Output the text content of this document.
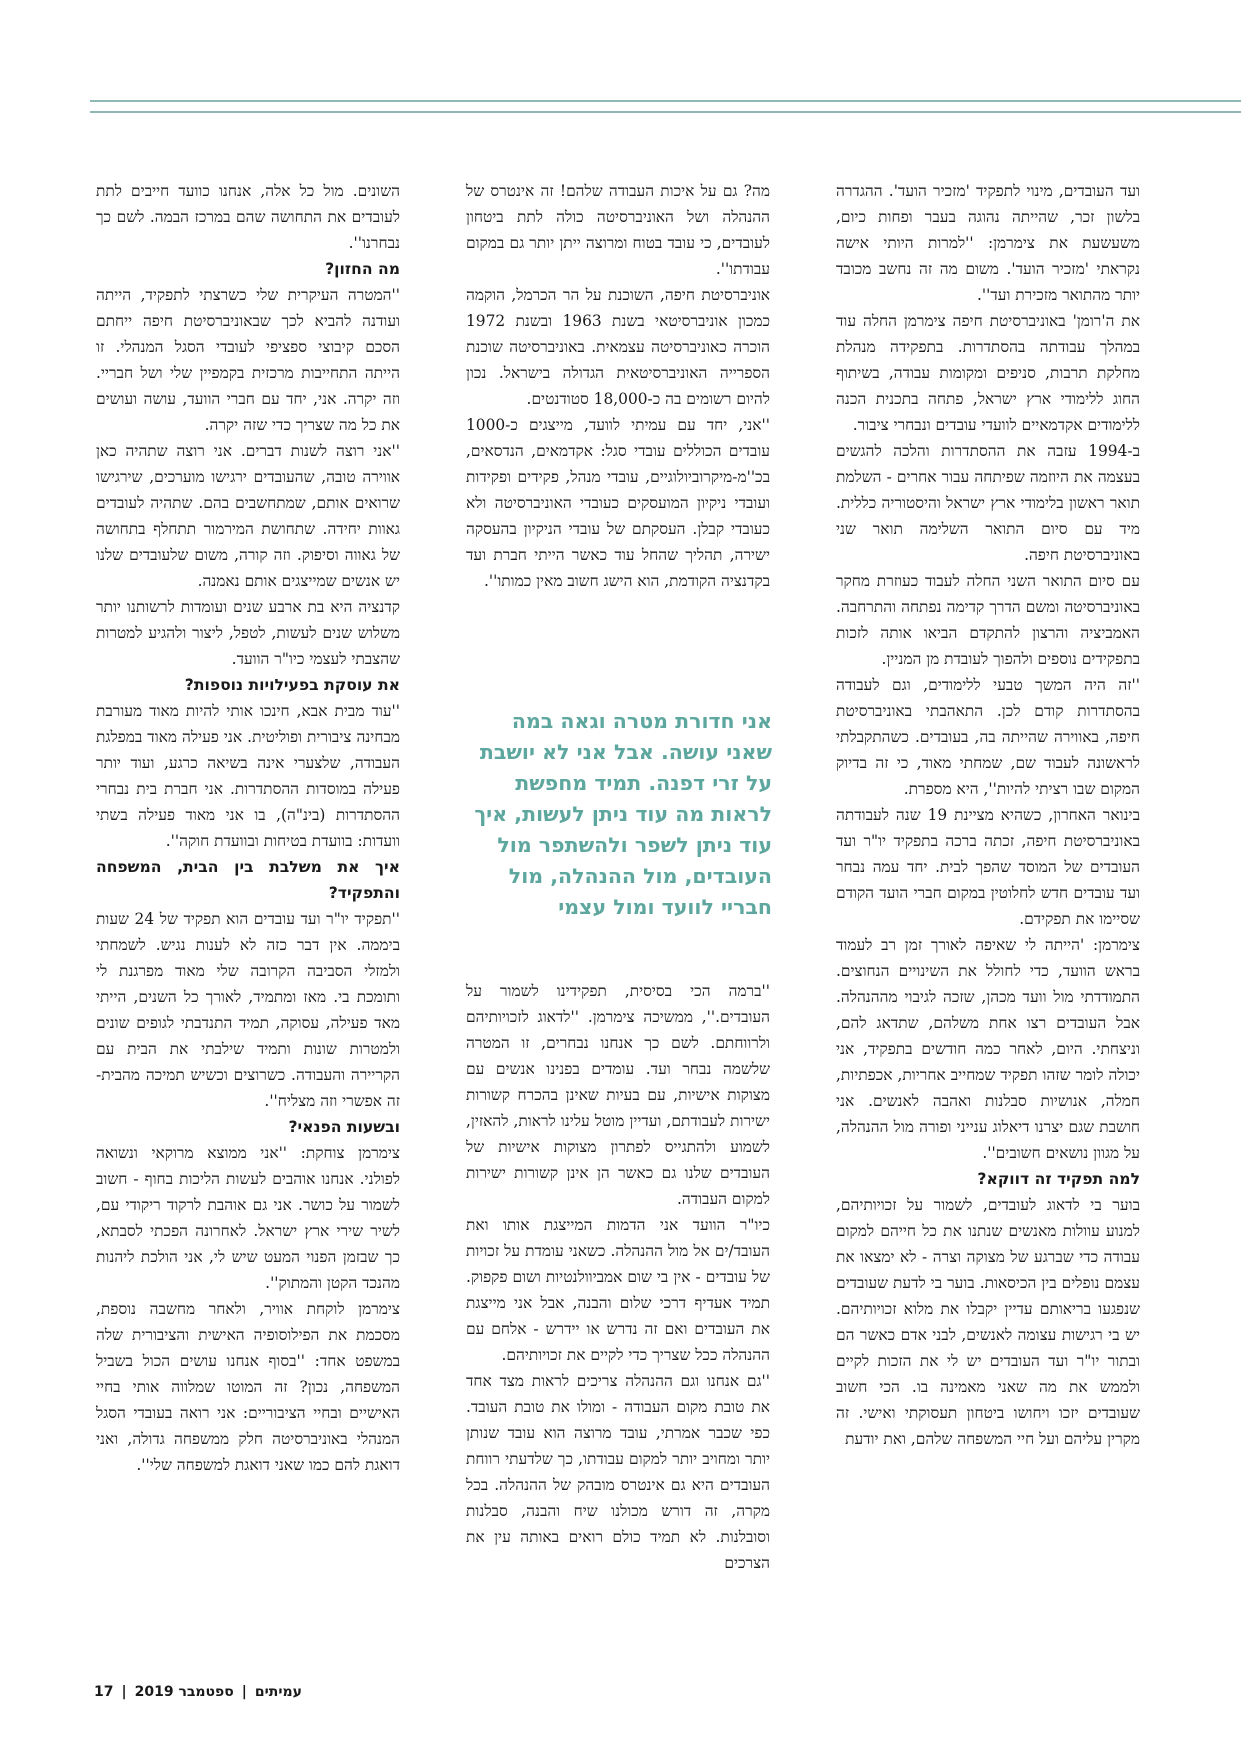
ועד העובדים, מינוי לתפקיד 'מזכיר הועד'. ההגדרה בלשון זכר, שהייתה נהוגה בעבר ופחות כיום, משעשעת את צימרמן: ''למרות היותי אישה נקראתי 'מזכיר הועד'. משום מה זה נחשב מכובד יותר מהתואר מזכירת ועד''.

את ה'רומן' באוניברסיטת חיפה צימרמן החלה עוד במהלך עבודתה בהסתדרות. בתפקידה מנהלת מחלקת תרבות, סניפים ומקומות עבודה, בשיתוף החוג ללימודי ארץ ישראל, פתחה בתכנית הכנה ללימודים אקדמאיים לוועדי עובדים ונבחרי ציבור.

ב-1994 עזבה את ההסתדרות והלכה להגשים בעצמה את היוזמה שפיתחה עבור אחרים - השלמת תואר ראשון בלימודי ארץ ישראל והיסטוריה כללית. מיד עם סיום התואר השלימה תואר שני באוניברסיטת חיפה.

עם סיום התואר השני החלה לעבוד כעוזרת מחקר באוניברסיטה ומשם הדרך קדימה נפתחה והתרחבה. האמביציה והרצון להתקדם הביאו אותה לזכות בתפקידים נוספים ולהפוך לעובדת מן המניין.

''זה היה המשך טבעי ללימודים, וגם לעבודה בהסתדרות קודם לכן. התאהבתי באוניברסיטת חיפה, באווירה שהייתה בה, בעובדים. כשהתקבלתי לראשונה לעבוד שם, שמחתי מאוד, כי זה בדיוק המקום שבו רציתי להיות'', היא מספרת.

בינואר האחרון, כשהיא מציינת 19 שנה לעבודתה באוניברסיטת חיפה, זכתה ברכה בתפקיד יו"ר ועד העובדים של המוסד שהפך לבית. יחד עמה נבחר ועד עובדים חדש לחלוטין במקום חברי הועד הקודם שסיימו את תפקידם.

צימרמן: 'הייתה לי שאיפה לאורך זמן רב לעמוד בראש הוועד, כדי לחולל את השינויים הנחוצים. התמודדתי מול וועד מכהן, שזכה לגיבוי מההנהלה. אבל העובדים רצו אחת משלהם, שתדאג להם, וניצחתי. היום, לאחר כמה חודשים בתפקיד, אני יכולה לומר שזהו תפקיד שמחייב אחריות, אכפתיות, חמלה, אנושיות סבלנות ואהבה לאנשים. אני חושבת שגם יצרנו דיאלוג ענייני ופורה מול ההנהלה, על מגוון נושאים חשובים''.

למה תפקיד זה דווקא?

בוער בי לדאוג לעובדים, לשמור על זכויותיהם, למנוע עוולות מאנשים שנתנו את כל חייהם למקום עבודה כדי שברגע של מצוקה וצרה - לא ימצאו את עצמם נופלים בין הכיסאות. בוער בי לדעת שעובדים שנפגעו בריאותם עדיין יקבלו את מלוא זכויותיהם. יש בי רגישות עצומה לאנשים, לבני אדם כאשר הם ובתור יו"ר ועד העובדים יש לי את הזכות לקיים ולממש את מה שאני מאמינה בו. הכי חשוב שעובדים יזכו ויחושו ביטחון תעסוקתי ואישי. זה מקרין עליהם ועל חיי המשפחה שלהם, ואת יודעת

מה? גם על איכות העבודה שלהם! זה אינטרס של ההנהלה ושל האוניברסיטה כולה לתת ביטחון לעובדים, כי עובד בטוח ומרוצה ייתן יותר גם במקום עבודתו''.

אוניברסיטת חיפה, השוכנת על הר הכרמל, הוקמה כמכון אוניברסיטאי בשנת 1963 ובשנת 1972 הוכרה כאוניברסיטה עצמאית. באוניברסיטה שוכנת הספרייה האוניברסיטאית הגדולה בישראל. נכון להיום רשומים בה כ-18,000 סטודנטים.

''אני, יחד עם עמיתי לוועד, מייצגים כ-1000 עובדים הכוללים עובדי סגל: אקדמאים, הנדסאים, בכ''מ-מיקרוביולוגיים, עובדי מנהל, פקידים ופקידות ועובדי ניקיון המועסקים כעובדי האוניברסיטה ולא כעובדי קבלן. העסקתם של עובדי הניקיון בהעסקה ישירה, תהליך שהחל עוד כאשר הייתי חברת ועד בקדנציה הקודמת, הוא הישג חשוב מאין כמותו''.

אני חדורת מטרה וגאה במה שאני עושה. אבל אני לא יושבת על זרי דפנה. תמיד מחפשת לראות מה עוד ניתן לעשות, איך עוד ניתן לשפר ולהשתפר מול העובדים, מול ההנהלה, מול חבריי לוועד ומול עצמי

''ברמה הכי בסיסית, תפקידינו לשמור על העובדים.'', ממשיכה צימרמן. ''לדאוג לזכויותיהם ולרווחתם. לשם כך אנחנו נבחרים, זו המטרה שלשמה נבחר ועד. עומדים בפנינו אנשים עם מצוקות אישיות, עם בעיות שאינן בהכרח קשורות ישירות לעבודתם, ועדיין מוטל עלינו לראות, להאזין, לשמוע ולהתגייס לפתרון מצוקות אישיות של העובדים שלנו גם כאשר הן אינן קשורות ישירות למקום העבודה.

כיו"ר הוועד אני הדמות המייצגת אותו ואת העובד/ים אל מול ההנהלה. כשאני עומדת על זכויות של עובדים - אין בי שום אמביוולנטיות ושום פקפוק. תמיד אעדיף דרכי שלום והבנה, אבל אני מייצגת את העובדים ואם זה נדרש או יידרש - אלחם עם ההנהלה ככל שצריך כדי לקיים את זכויותיהם.

''גם אנחנו וגם ההנהלה צריכים לראות מצד אחד את טובת מקום העבודה - ומולו את טובת העובד. כפי שכבר אמרתי, עובד מרוצה הוא עובד שנותן יותר ומחויב יותר למקום עבודתו, כך שלדעתי רווחת העובדים היא גם אינטרס מובהק של ההנהלה. בכל מקרה, זה דורש מכולנו שיח והבנה, סבלנות וסובלנות. לא תמיד כולם רואים באותה עין את הצרכים

השונים. מול כל אלה, אנחנו כוועד חייבים לתת לעובדים את התחושה שהם במרכז הבמה. לשם כך נבחרנו''.

מה החזון?

''המטרה העיקרית שלי כשרצתי לתפקיד, הייתה ועודנה להביא לכך שבאוניברסיטת חיפה ייחתם הסכם קיבוצי ספציפי לעובדי הסגל המנהלי. זו הייתה התחייבות מרכזית בקמפיין שלי ושל חבריי. וזה יקרה. אני, יחד עם חברי הוועד, עושה ועושים את כל מה שצריך כדי שזה יקרה.

''אני רוצה לשנות דברים. אני רוצה שתהיה כאן אווירה טובה, שהעובדים ירגישו מוערכים, שירגישו שרואים אותם, שמתחשבים בהם. שתהיה לעובדים גאוות יחידה. שתחושת המירמור תתחלף בתחושה של גאווה וסיפוק. וזה קורה, משום שלעובדים שלנו יש אנשים שמייצגים אותם נאמנה.

קדנציה היא בת ארבע שנים ועומדות לרשותנו יותר משלוש שנים לעשות, לטפל, ליצור ולהגיע למטרות שהצבתי לעצמי כיו"ר הוועד.

את עוסקת בפעילויות נוספות?

''עוד מבית אבא, חינכו אותי להיות מאוד מעורבת מבחינה ציבורית ופוליטית. אני פעילה מאוד במפלגת העבודה, שלצערי אינה בשיאה כרגע, ועוד יותר פעילה במוסדות ההסתדרות. אני חברת בית נבחרי ההסתדרות (בינ"ה), בו אני מאוד פעילה בשתי וועדות: בוועדת בטיחות ובוועדת חוקה''.

איך את משלבת בין הבית, המשפחה והתפקיד?

''תפקיד יו"ר ועד עובדים הוא תפקיד של 24 שעות ביממה. אין דבר כזה לא לענות נגיש. לשמחתי ולמזלי הסביבה הקרובה שלי מאוד מפרגנת לי ותומכת בי. מאז ומתמיד, לאורך כל השנים, הייתי מאד פעילה, עסוקה, תמיד התנדבתי לגופים שונים ולמטרות שונות ותמיד שילבתי את הבית עם הקריירה והעבודה. כשרוצים וכשיש תמיכה מהבית- זה אפשרי וזה מצליח''.

ובשעות הפנאי?

צימרמן צוחקת: ''אני ממוצא מרוקאי ונשואה לפולני. אנחנו אוהבים לעשות הליכות בחוף - חשוב לשמור על כושר. אני גם אוהבת לרקוד ריקודי עם, לשיר שירי ארץ ישראל. לאחרונה הפכתי לסבתא, כך שבזמן הפנוי המעט שיש לי, אני הולכת ליהנות מהנכד הקטן והמתוק''.

צימרמן לוקחת אוויר, ולאחר מחשבה נוספת, מסכמת את הפילוסופיה האישית והציבורית שלה במשפט אחד: ''בסוף אנחנו עושים הכול בשביל המשפחה, נכון? זה המוטו שמלווה אותי בחיי האישיים ובחיי הציבוריים: אני רואה בעובדי הסגל המנהלי באוניברסיטה חלק ממשפחה גדולה, ואני דואגת להם כמו שאני דואגת למשפחה שלי''.

עמיתים|ספטמבר 2019|17
